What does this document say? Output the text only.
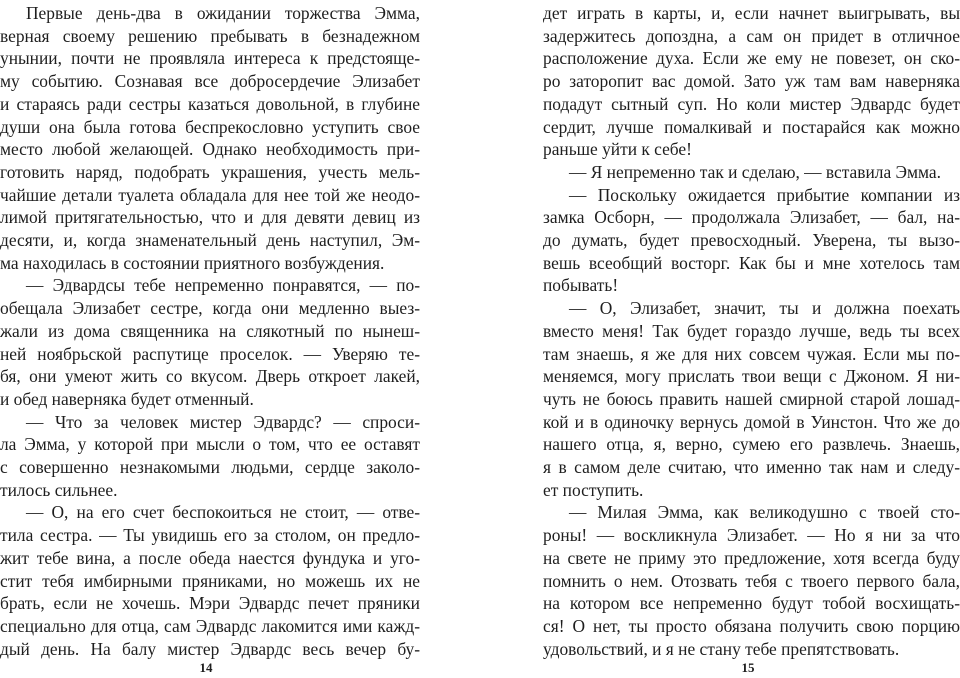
Первые день-два в ожидании торжества Эмма,
верная своему решению пребывать в безнадежном
унынии, почти не проявляла интереса к предстояще-
му событию. Сознавая все добросердечие Элизабет
и стараясь ради сестры казаться довольной, в глубине
души она была готова беспрекословно уступить свое
место любой желающей. Однако необходимость при-
готовить наряд, подобрать украшения, учесть мель-
чайшие детали туалета обладала для нее той же неодо-
лимой притягательностью, что и для девяти девиц из
десяти, и, когда знаменательный день наступил, Эм-
ма находилась в состоянии приятного возбуждения.
— Эдвардсы тебе непременно понравятся, — по-
обещала Элизабет сестре, когда они медленно выез-
жали из дома священника на слякотный по нынеш-
ней ноябрьской распутице проселок. — Уверяю те-
бя, они умеют жить со вкусом. Дверь откроет лакей,
и обед наверняка будет отменный.
— Что за человек мистер Эдвардс? — спроси-
ла Эмма, у которой при мысли о том, что ее оставят
с совершенно незнакомыми людьми, сердце заколо-
тилось сильнее.
— О, на его счет беспокоиться не стоит, — отве-
тила сестра. — Ты увидишь его за столом, он предло-
жит тебе вина, а после обеда наестся фундука и уго-
стит тебя имбирными пряниками, но можешь их не
брать, если не хочешь. Мэри Эдвардс печет пряники
специально для отца, сам Эдвардс лакомится ими кажд-
дый день. На балу мистер Эдвардс весь вечер бу-
14
дет играть в карты, и, если начнет выигрывать, вы
задержитесь допоздна, а сам он придет в отличное
расположение духа. Если же ему не повезет, он ско-
ро заторопит вас домой. Зато уж там вам наверняка
подадут сытный суп. Но коли мистер Эдвардс будет
сердит, лучше помалкивай и постарайся как можно
раньше уйти к себе!
— Я непременно так и сделаю, — вставила Эмма.
— Поскольку ожидается прибытие компании из
замка Осборн, — продолжала Элизабет, — бал, на-
до думать, будет превосходный. Уверена, ты вызо-
вешь всеобщий восторг. Как бы и мне хотелось там
побывать!
— О, Элизабет, значит, ты и должна поехать
вместо меня! Так будет гораздо лучше, ведь ты всех
там знаешь, я же для них совсем чужая. Если мы по-
меняемся, могу прислать твои вещи с Джоном. Я ни-
чуть не боюсь править нашей смирной старой лошад-
кой и в одиночку вернусь домой в Уинстон. Что же до
нашего отца, я, верно, сумею его развлечь. Знаешь,
я в самом деле считаю, что именно так нам и следу-
ет поступить.
— Милая Эмма, как великодушно с твоей сто-
роны! — воскликнула Элизабет. — Но я ни за что
на свете не приму это предложение, хотя всегда буду
помнить о нем. Отозвать тебя с твоего первого бала,
на котором все непременно будут тобой восхищать-
ся! О нет, ты просто обязана получить свою порцию
удовольствий, и я не стану тебе препятствовать.
15
